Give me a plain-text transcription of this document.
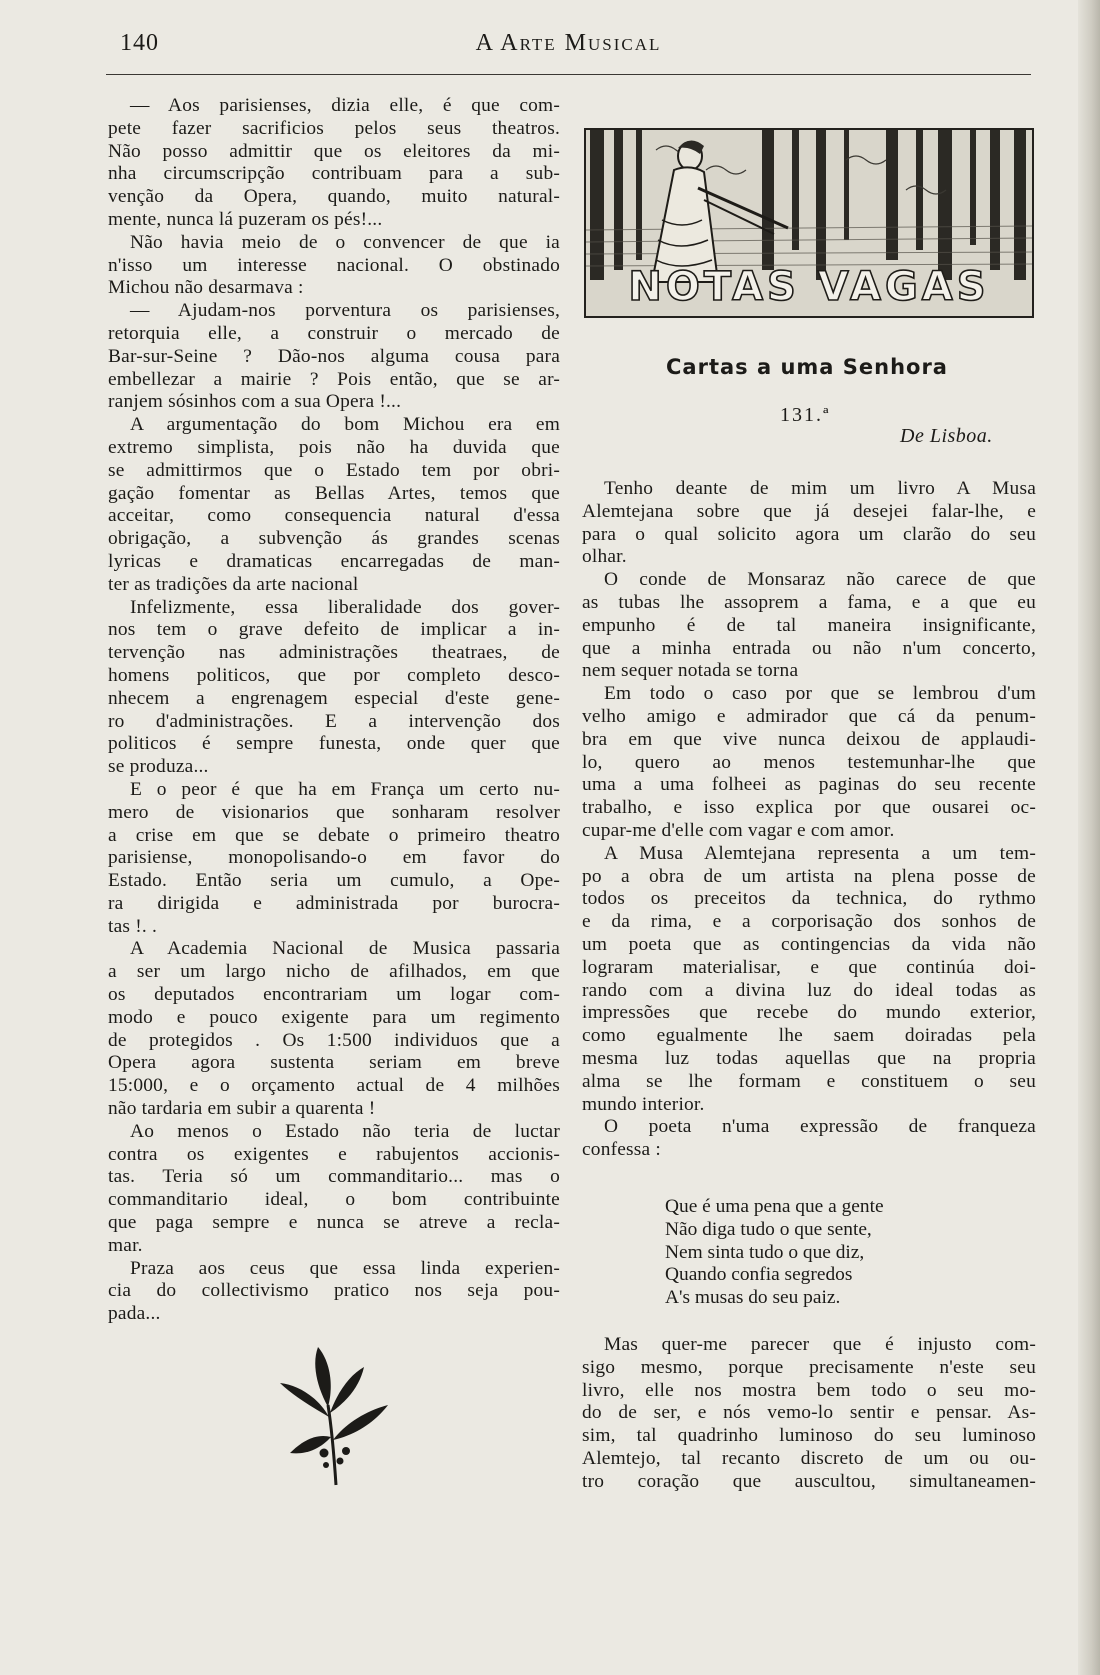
140	A Arte Musical
— Aos parisienses, dizia elle, é que com-
pete fazer sacrificios pelos seus theatros.
Não posso admittir que os eleitores da mi-
nha circumscripção contribuam para a sub-
venção da Opera, quando, muito natural-
mente, nunca lá puzeram os pés!...
Não havia meio de o convencer de que ia
n'isso um interesse nacional. O obstinado
Michou não desarmava :
— Ajudam-nos porventura os parisienses,
retorquia elle, a construir o mercado de
Bar-sur-Seine ? Dão-nos alguma cousa para
embellezar a mairie ? Pois então, que se ar-
ranjem sósinhos com a sua Opera !...
A argumentação do bom Michou era em
extremo simplista, pois não ha duvida que
se admittirmos que o Estado tem por obri-
gação fomentar as Bellas Artes, temos que
acceitar, como consequencia natural d'essa
obrigação, a subvenção ás grandes scenas
lyricas e dramaticas encarregadas de man-
ter as tradições da arte nacional
Infelizmente, essa liberalidade dos gover-
nos tem o grave defeito de implicar a in-
tervenção nas administrações theatraes, de
homens politicos, que por completo desco-
nhecem a engrenagem especial d'este gene-
ro d'administrações. E a intervenção dos
politicos é sempre funesta, onde quer que
se produza...
E o peor é que ha em França um certo nu-
mero de visionarios que sonharam resolver
a crise em que se debate o primeiro theatro
parisiense, monopolisando-o em favor do
Estado. Então seria um cumulo, a Ope-
ra dirigida e administrada por burocra-
tas !. .
A Academia Nacional de Musica passaria
a ser um largo nicho de afilhados, em que
os deputados encontrariam um logar com-
modo e pouco exigente para um regimento
de protegidos . Os 1:500 individuos que a
Opera agora sustenta seriam em breve
15:000, e o orçamento actual de 4 milhões
não tardaria em subir a quarenta !
Ao menos o Estado não teria de luctar
contra os exigentes e rabujentos accionis-
tas. Teria só um commanditario... mas o
commanditario ideal, o bom contribuinte
que paga sempre e nunca se atreve a recla-
mar.
Praza aos ceus que essa linda experien-
cia do collectivismo pratico nos seja pou-
pada...
NOTAS VAGAS
Cartas a uma Senhora
131.ª
De Lisboa.
Tenho deante de mim um livro A Musa
Alemtejana sobre que já desejei falar-lhe, e
para o qual solicito agora um clarão do seu
olhar.
O conde de Monsaraz não carece de que
as tubas lhe assoprem a fama, e a que eu
empunho é de tal maneira insignificante,
que a minha entrada ou não n'um concerto,
nem sequer notada se torna
Em todo o caso por que se lembrou d'um
velho amigo e admirador que cá da penum-
bra em que vive nunca deixou de applaudi-
lo, quero ao menos testemunhar-lhe que
uma a uma folheei as paginas do seu recente
trabalho, e isso explica por que ousarei oc-
cupar-me d'elle com vagar e com amor.
A Musa Alemtejana representa a um tem-
po a obra de um artista na plena posse de
todos os preceitos da technica, do rythmo
e da rima, e a corporisação dos sonhos de
um poeta que as contingencias da vida não
lograram materialisar, e que continúa doi-
rando com a divina luz do ideal todas as
impressões que recebe do mundo exterior,
como egualmente lhe saem doiradas pela
mesma luz todas aquellas que na propria
alma se lhe formam e constituem o seu
mundo interior.
O poeta n'uma expressão de franqueza
confessa :
Que é uma pena que a gente
Não diga tudo o que sente,
Nem sinta tudo o que diz,
Quando confia segredos
A's musas do seu paiz.
Mas quer-me parecer que é injusto com-
sigo mesmo, porque precisamente n'este seu
livro, elle nos mostra bem todo o seu mo-
do de ser, e nós vemo-lo sentir e pensar. As-
sim, tal quadrinho luminoso do seu luminoso
Alemtejo, tal recanto discreto de um ou ou-
tro coração que auscultou, simultaneamen-
